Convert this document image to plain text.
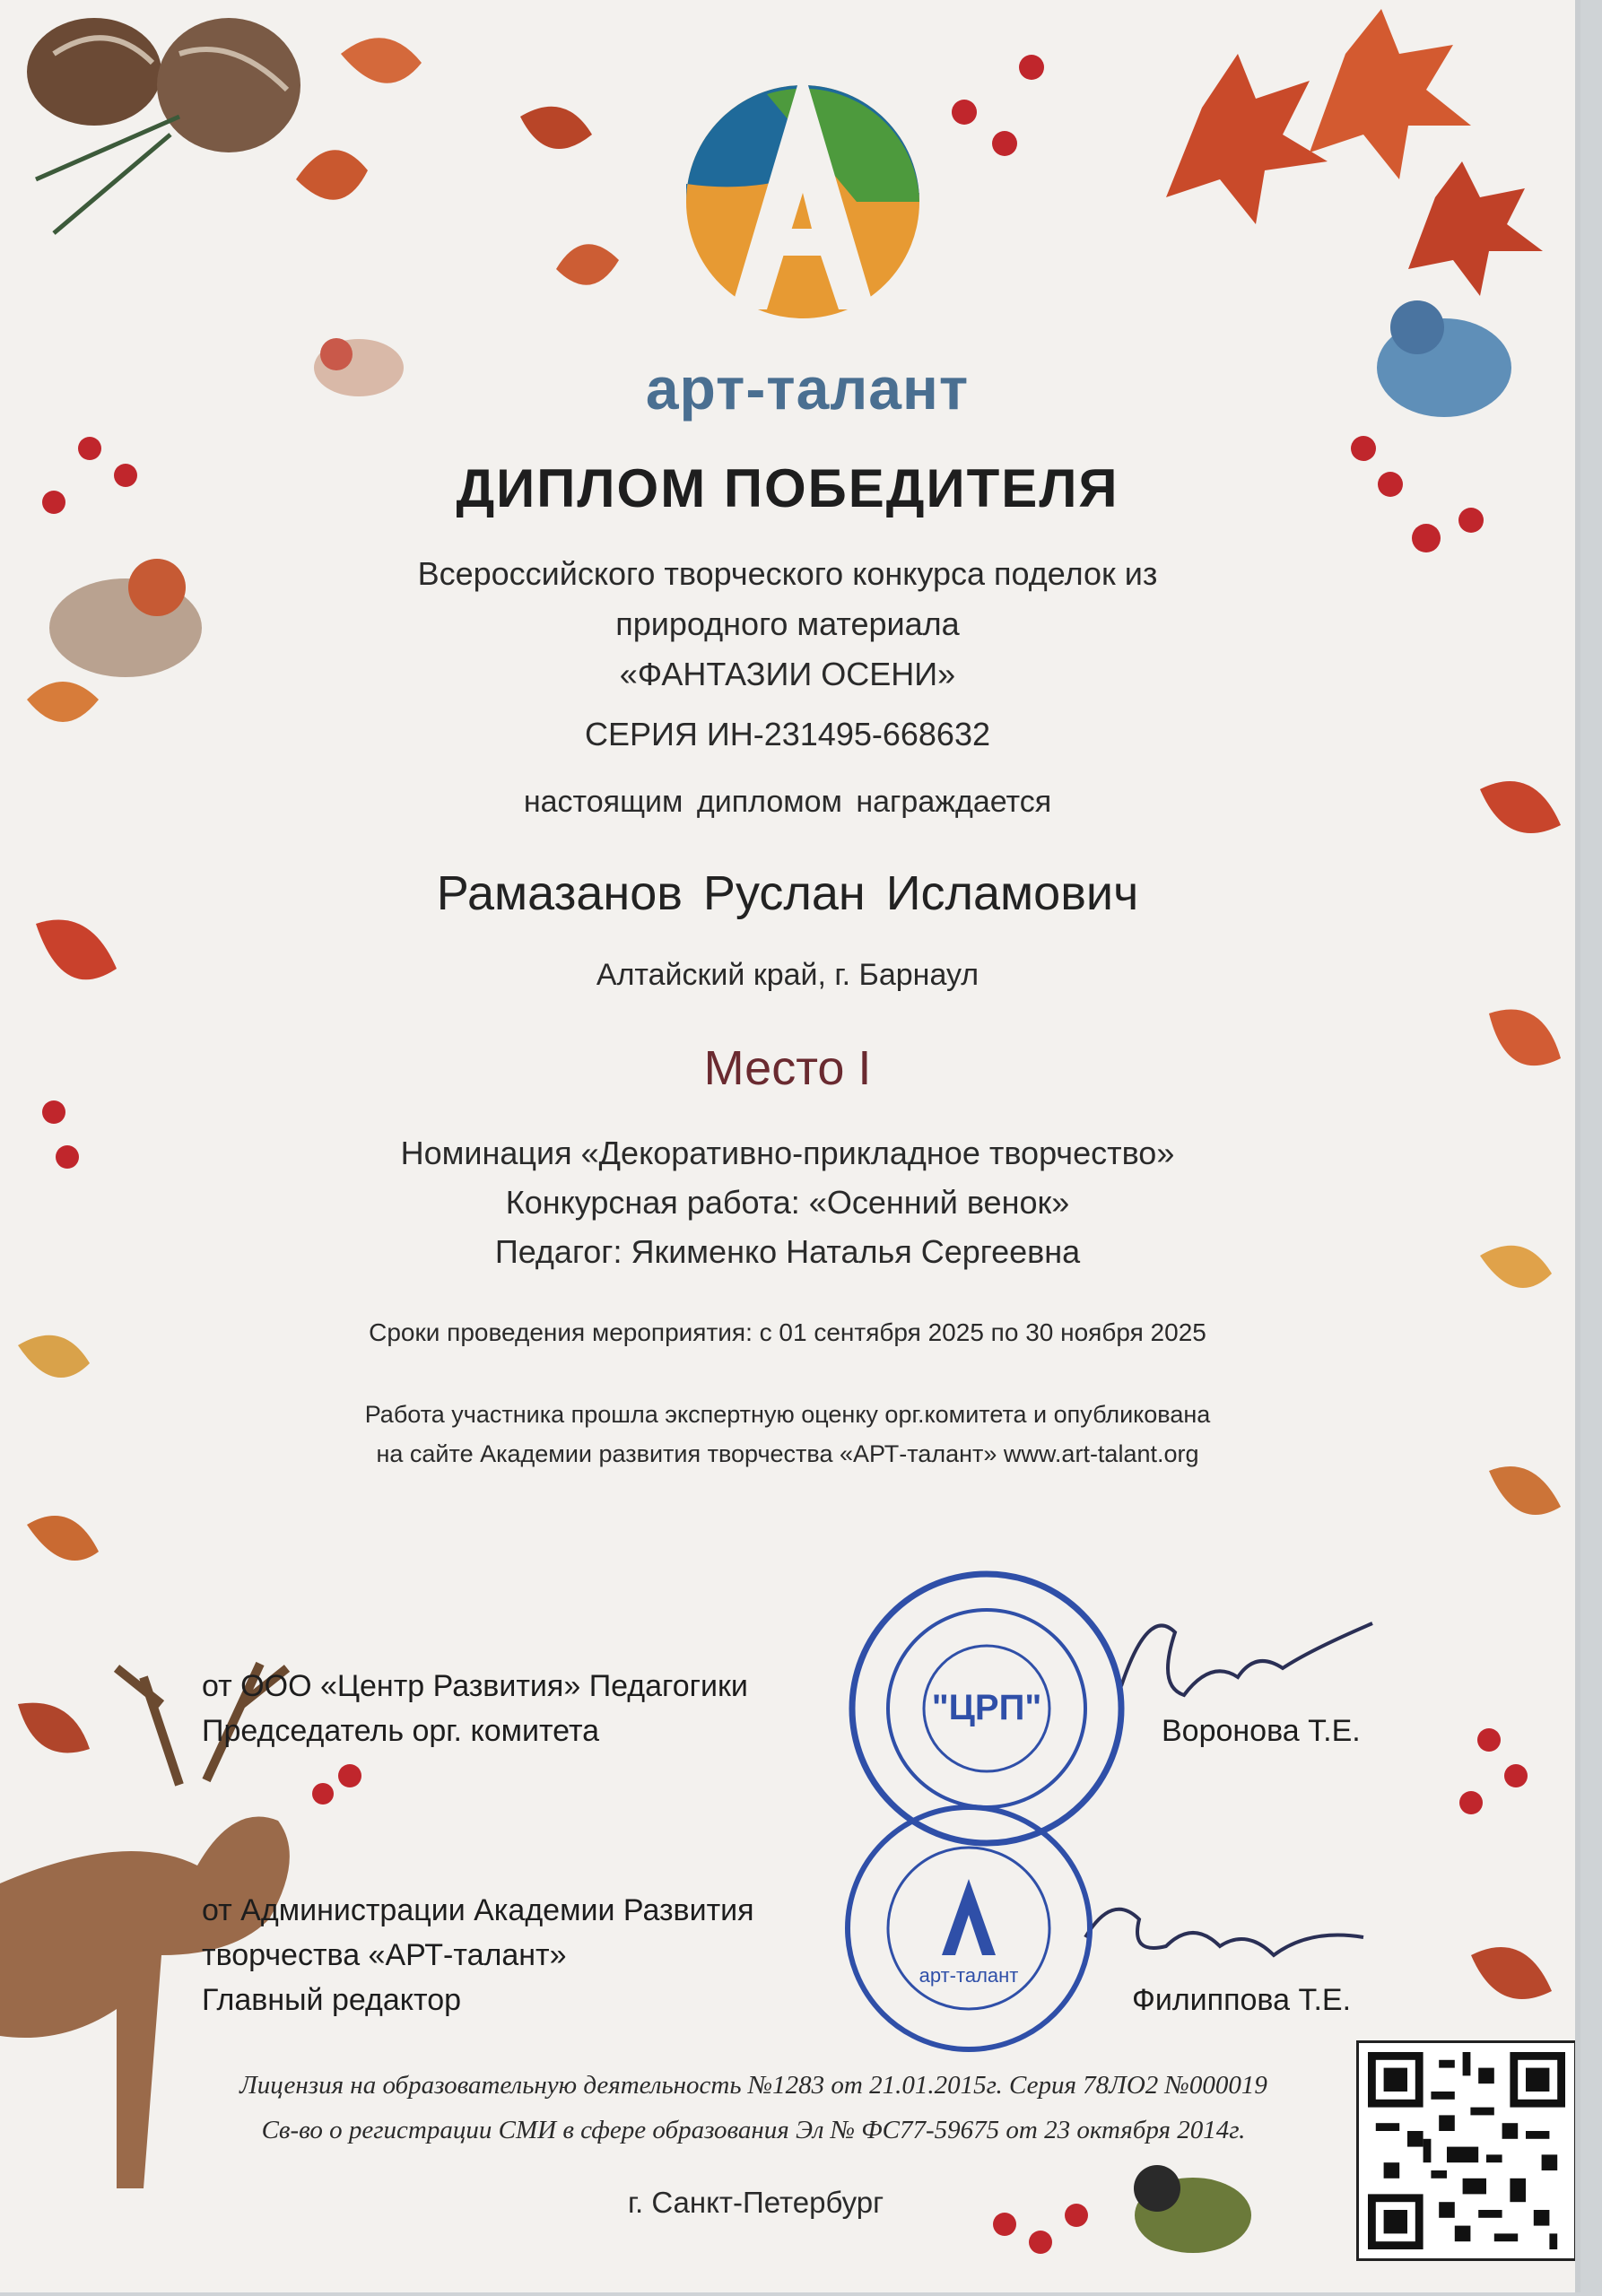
арт-талант
ДИПЛОМ ПОБЕДИТЕЛЯ
Всероссийского творческого конкурса поделок из
природного материала
«ФАНТАЗИИ ОСЕНИ»
СЕРИЯ ИН-231495-668632
настоящим дипломом награждается
Рамазанов Руслан Исламович
Алтайский край, г. Барнаул
Место I
Номинация «Декоративно-прикладное творчество»
Конкурсная работа: «Осенний венок»
Педагог: Якименко Наталья Сергеевна
Сроки проведения мероприятия: с 01 сентября 2025 по 30 ноября 2025
Работа участника прошла экспертную оценку орг.комитета и опубликована
на сайте Академии развития творчества «АРТ-талант» www.art-talant.org
от ООО «Центр Развития» Педагогики
Председатель орг. комитета	Воронова Т.Е.
от Администрации Академии Развития
творчества «АРТ-талант»
Главный редактор	Филиппова Т.Е.
"ЦРП"
арт-талант
Лицензия на образовательную деятельность №1283 от 21.01.2015г. Серия 78ЛО2 №000019
Св-во о регистрации СМИ в сфере образования Эл № ФС77-59675 от 23 октября 2014г.
г. Санкт-Петербург
